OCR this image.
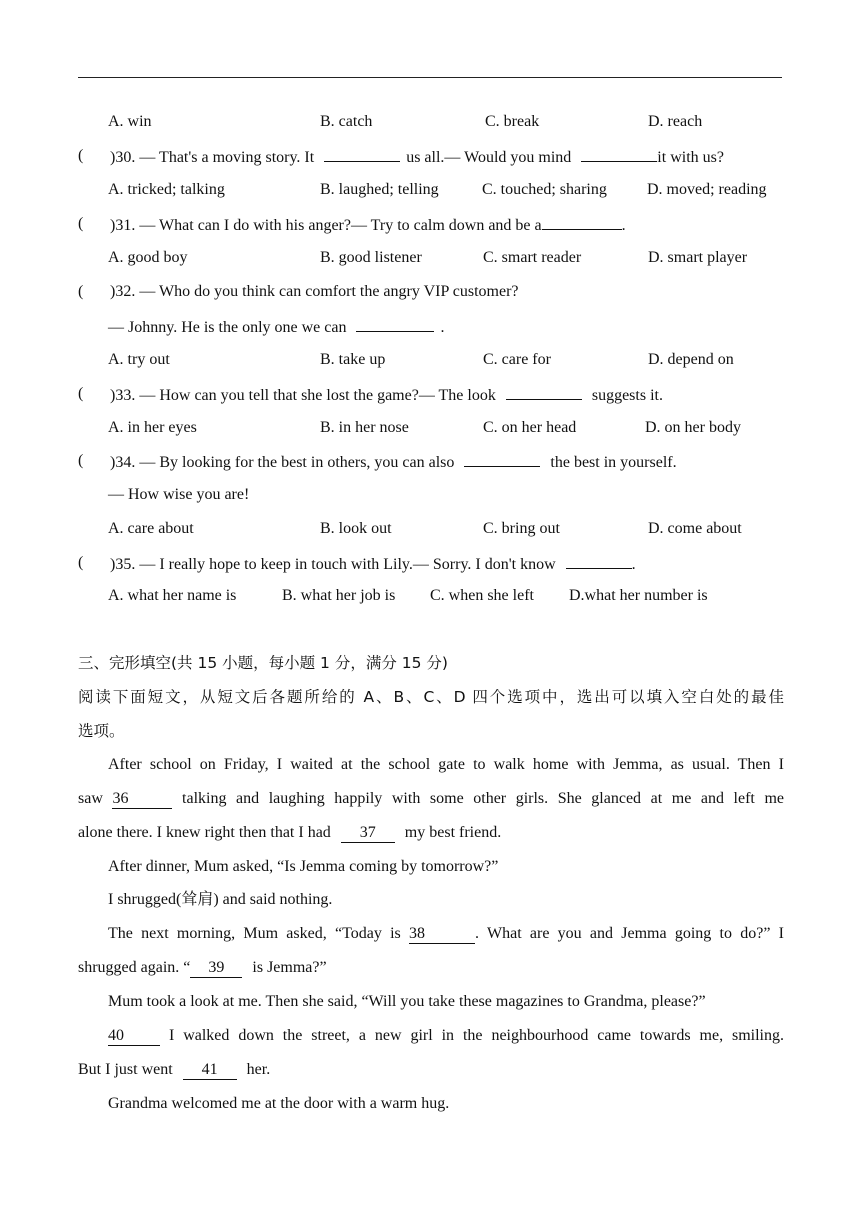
A. win	B. catch	C. break	D. reach
( )30. — That's a moving story. It	us all.— Would you mind	it with us?
A. tricked; talking	B. laughed; telling	C. touched; sharing	D. moved; reading
( )31. — What can I do with his anger?— Try to calm down and be a	.
A. good boy	B. good listener	C. smart reader	D. smart player
( )32. — Who do you think can comfort the angry VIP customer?
— Johnny. He is the only one we can	.
A. try out	B. take up	C. care for	D. depend on
( )33. — How can you tell that she lost the game?— The look	suggests it.
A. in her eyes	B. in her nose	C. on her head	D. on her body
( )34. — By looking for the best in others, you can also	the best in yourself.
— How wise you are!
A. care about	B. look out	C. bring out	D. come about
( )35. — I really hope to keep in touch with Lily.— Sorry. I don't know	.
A. what her name is	B. what her job is C. when she left D.what her number is
三、完形填空(共 15 小题，每小题 1 分，满分 15 分)
阅读下面短文，从短文后各题所给的 A、B、C、D 四个选项中，选出可以填入空白处的最佳
选项。
After school on Friday, I waited at the school gate to walk home with Jemma, as usual. Then I
saw 36	talking and laughing happily with some other girls. She glanced at me and left me
alone there. I knew right then that I had 37 my best friend.
After dinner, Mum asked, “Is Jemma coming by tomorrow?”
I shrugged(耸肩) and said nothing.
The next morning, Mum asked, “Today is 38	. What are you and Jemma going to do?” I
shrugged again. “ 39 is Jemma?”
Mum took a look at me. Then she said, “Will you take these magazines to Grandma, please?”
40	I walked down the street, a new girl in the neighbourhood came towards me, smiling.
But I just went 41 her.
Grandma welcomed me at the door with a warm hug.
